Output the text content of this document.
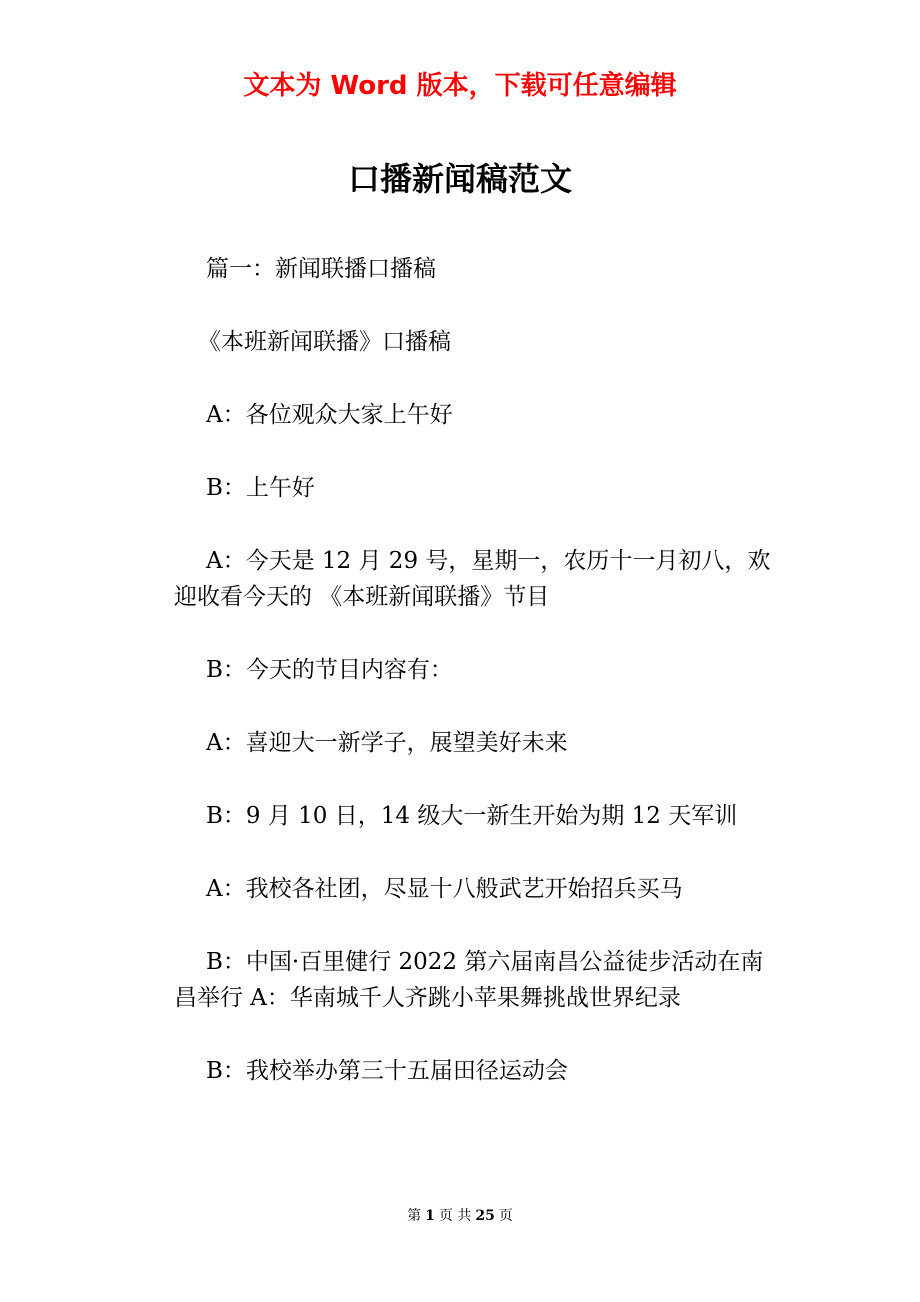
文本为 Word 版本，下载可任意编辑
口播新闻稿范文

篇一：新闻联播口播稿

《本班新闻联播》口播稿

A：各位观众大家上午好

B：上午好

A：今天是 12 月 29 号，星期一，农历十一月初八，欢迎收看今天的 《本班新闻联播》节目

B：今天的节目内容有：

A：喜迎大一新学子，展望美好未来

B：9 月 10 日，14 级大一新生开始为期 12 天军训

A：我校各社团，尽显十八般武艺开始招兵买马

B：中国·百里健行 2022 第六届南昌公益徒步活动在南昌举行 A：华南城千人齐跳小苹果舞挑战世界纪录

B：我校举办第三十五届田径运动会

第 1 页 共 25 页
